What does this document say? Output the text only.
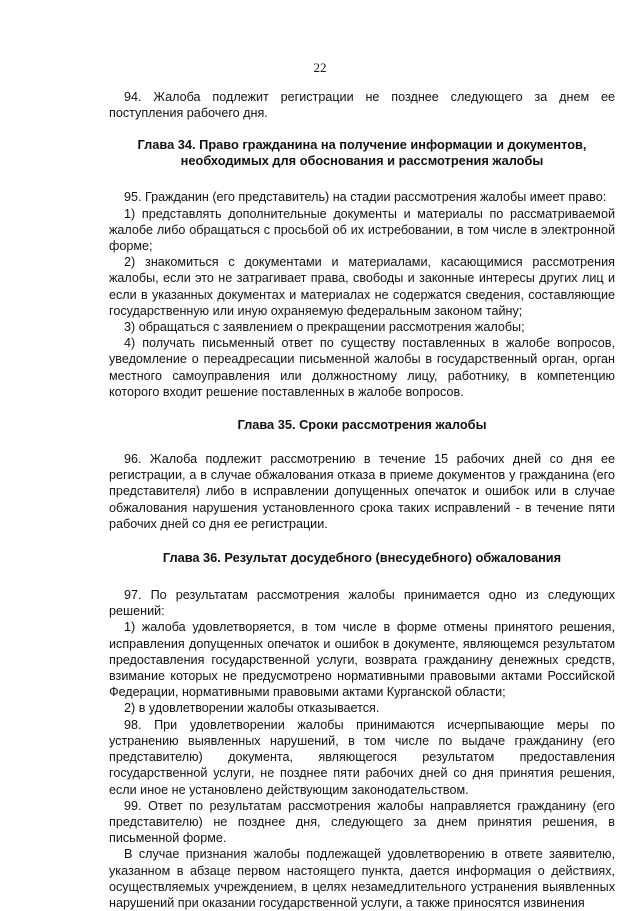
22

94. Жалоба подлежит регистрации не позднее следующего за днем ее поступления рабочего дня.

Глава 34. Право гражданина на получение информации и документов,
необходимых для обоснования и рассмотрения жалобы

95. Гражданин (его представитель) на стадии рассмотрения жалобы имеет право:

1) представлять дополнительные документы и материалы по рассматриваемой жалобе либо обращаться с просьбой об их истребовании, в том числе в электронной форме;

2) знакомиться с документами и материалами, касающимися рассмотрения жалобы, если это не затрагивает права, свободы и законные интересы других лиц и если в указанных документах и материалах не содержатся сведения, составляющие государственную или иную охраняемую федеральным законом тайну;

3) обращаться с заявлением о прекращении рассмотрения жалобы;

4) получать письменный ответ по существу поставленных в жалобе вопросов, уведомление о переадресации письменной жалобы в государственный орган, орган местного самоуправления или должностному лицу, работнику, в компетенцию которого входит решение поставленных в жалобе вопросов.

Глава 35. Сроки рассмотрения жалобы

96. Жалоба подлежит рассмотрению в течение 15 рабочих дней со дня ее регистрации, а в случае обжалования отказа в приеме документов у гражданина (его представителя) либо в исправлении допущенных опечаток и ошибок или в случае обжалования нарушения установленного срока таких исправлений - в течение пяти рабочих дней со дня ее регистрации.

Глава 36. Результат досудебного (внесудебного) обжалования

97. По результатам рассмотрения жалобы принимается одно из следующих решений:

1) жалоба удовлетворяется, в том числе в форме отмены принятого решения, исправления допущенных опечаток и ошибок в документе, являющемся результатом предоставления государственной услуги, возврата гражданину денежных средств, взимание которых не предусмотрено нормативными правовыми актами Российской Федерации, нормативными правовыми актами Курганской области;

2) в удовлетворении жалобы отказывается.

98. При удовлетворении жалобы принимаются исчерпывающие меры по устранению выявленных нарушений, в том числе по выдаче гражданину (его представителю) документа, являющегося результатом предоставления государственной услуги, не позднее пяти рабочих дней со дня принятия решения, если иное не установлено действующим законодательством.

99. Ответ по результатам рассмотрения жалобы направляется гражданину (его представителю) не позднее дня, следующего за днем принятия решения, в письменной форме.

В случае признания жалобы подлежащей удовлетворению в ответе заявителю, указанном в абзаце первом настоящего пункта, дается информация о действиях, осуществляемых учреждением, в целях незамедлительного устранения выявленных нарушений при оказании государственной услуги, а также приносятся извинения
